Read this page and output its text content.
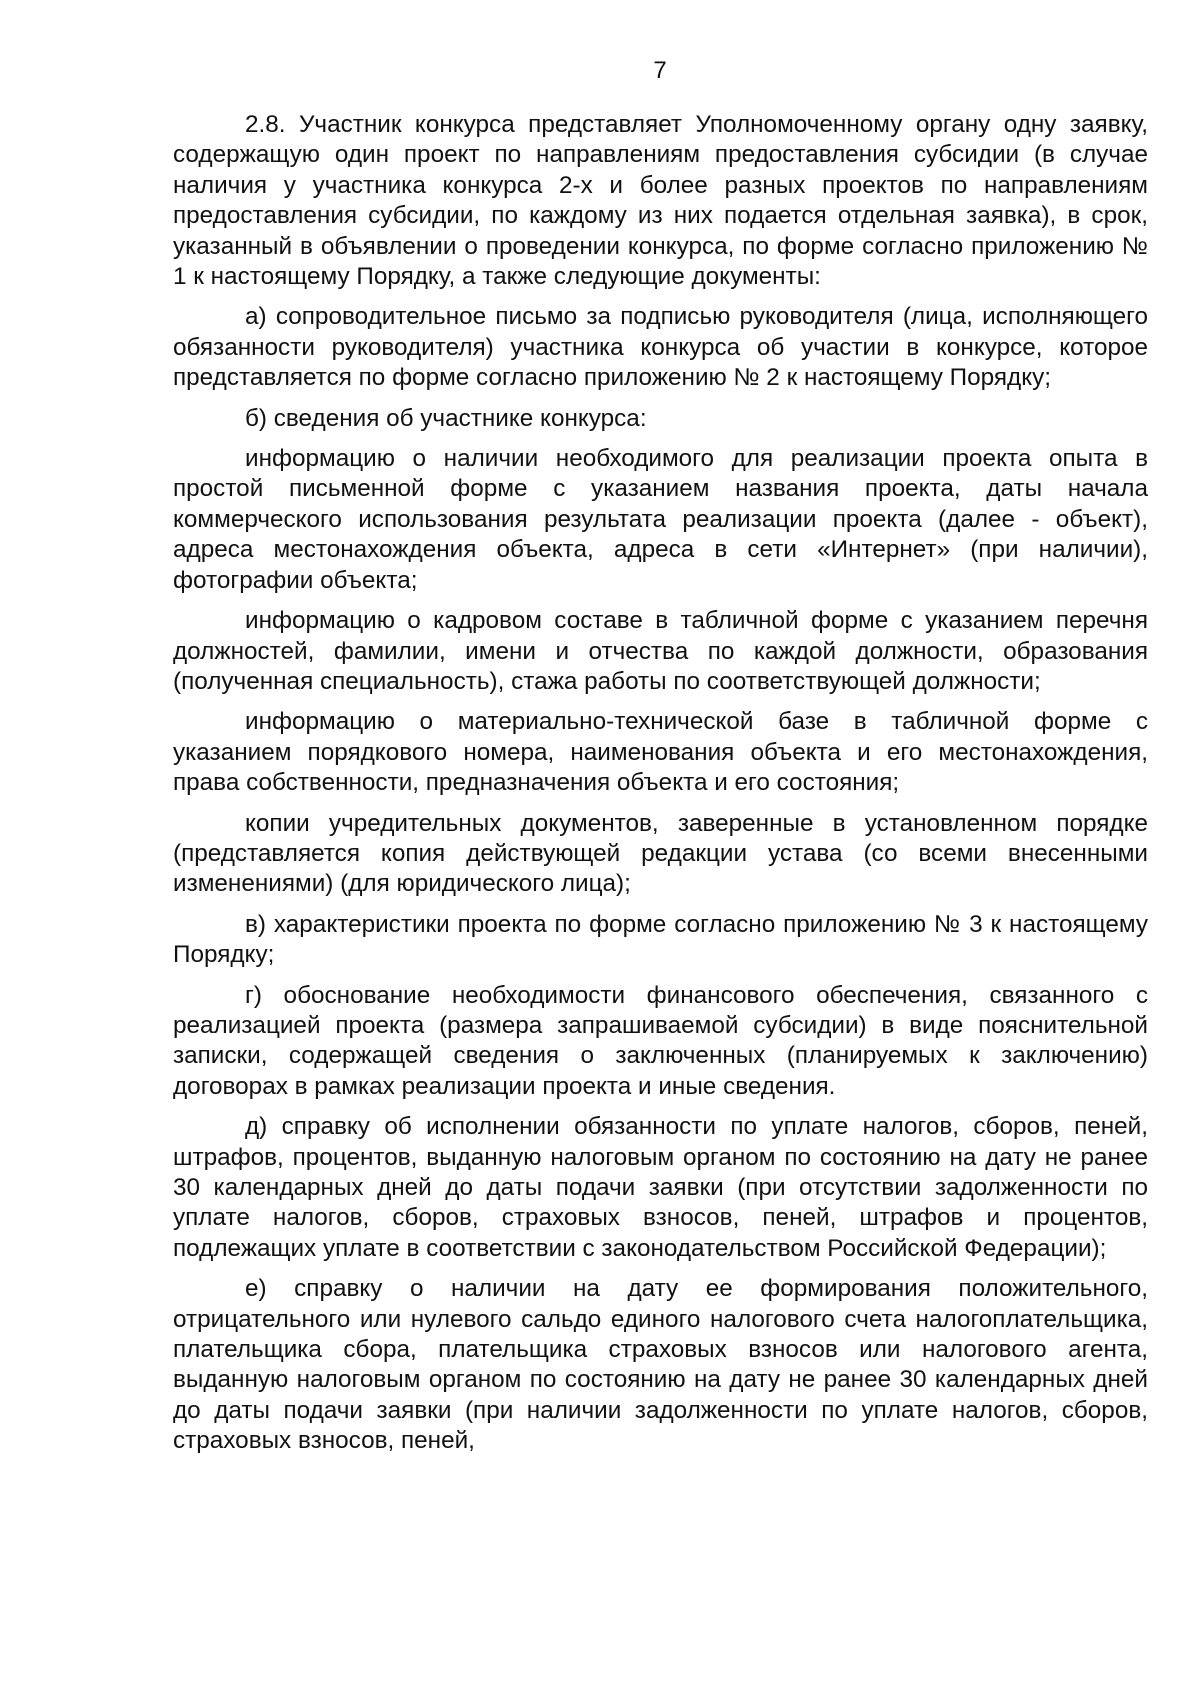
7

2.8. Участник конкурса представляет Уполномоченному органу одну заявку, содержащую один проект по направлениям предоставления субсидии (в случае наличия у участника конкурса 2-х и более разных проектов по направлениям предоставления субсидии, по каждому из них подается отдельная заявка), в срок, указанный в объявлении о проведении конкурса, по форме согласно приложению № 1 к настоящему Порядку, а также следующие документы:

а) сопроводительное письмо за подписью руководителя (лица, исполняющего обязанности руководителя) участника конкурса об участии в конкурсе, которое представляется по форме согласно приложению № 2 к настоящему Порядку;

б) сведения об участнике конкурса:

информацию о наличии необходимого для реализации проекта опыта в простой письменной форме с указанием названия проекта, даты начала коммерческого использования результата реализации проекта (далее - объект), адреса местонахождения объекта, адреса в сети «Интернет» (при наличии), фотографии объекта;

информацию о кадровом составе в табличной форме с указанием перечня должностей, фамилии, имени и отчества по каждой должности, образования (полученная специальность), стажа работы по соответствующей должности;

информацию о материально-технической базе в табличной форме с указанием порядкового номера, наименования объекта и его местонахождения, права собственности, предназначения объекта и его состояния;

копии учредительных документов, заверенные в установленном порядке (представляется копия действующей редакции устава (со всеми внесенными изменениями) (для юридического лица);

в) характеристики проекта по форме согласно приложению № 3 к настоящему Порядку;

г) обоснование необходимости финансового обеспечения, связанного с реализацией проекта (размера запрашиваемой субсидии) в виде пояснительной записки, содержащей сведения о заключенных (планируемых к заключению) договорах в рамках реализации проекта и иные сведения.

д) справку об исполнении обязанности по уплате налогов, сборов, пеней, штрафов, процентов, выданную налоговым органом по состоянию на дату не ранее 30 календарных дней до даты подачи заявки (при отсутствии задолженности по уплате налогов, сборов, страховых взносов, пеней, штрафов и процентов, подлежащих уплате в соответствии с законодательством Российской Федерации);

е) справку о наличии на дату ее формирования положительного, отрицательного или нулевого сальдо единого налогового счета налогоплательщика, плательщика сбора, плательщика страховых взносов или налогового агента, выданную налоговым органом по состоянию на дату не ранее 30 календарных дней до даты подачи заявки (при наличии задолженности по уплате налогов, сборов, страховых взносов, пеней,
